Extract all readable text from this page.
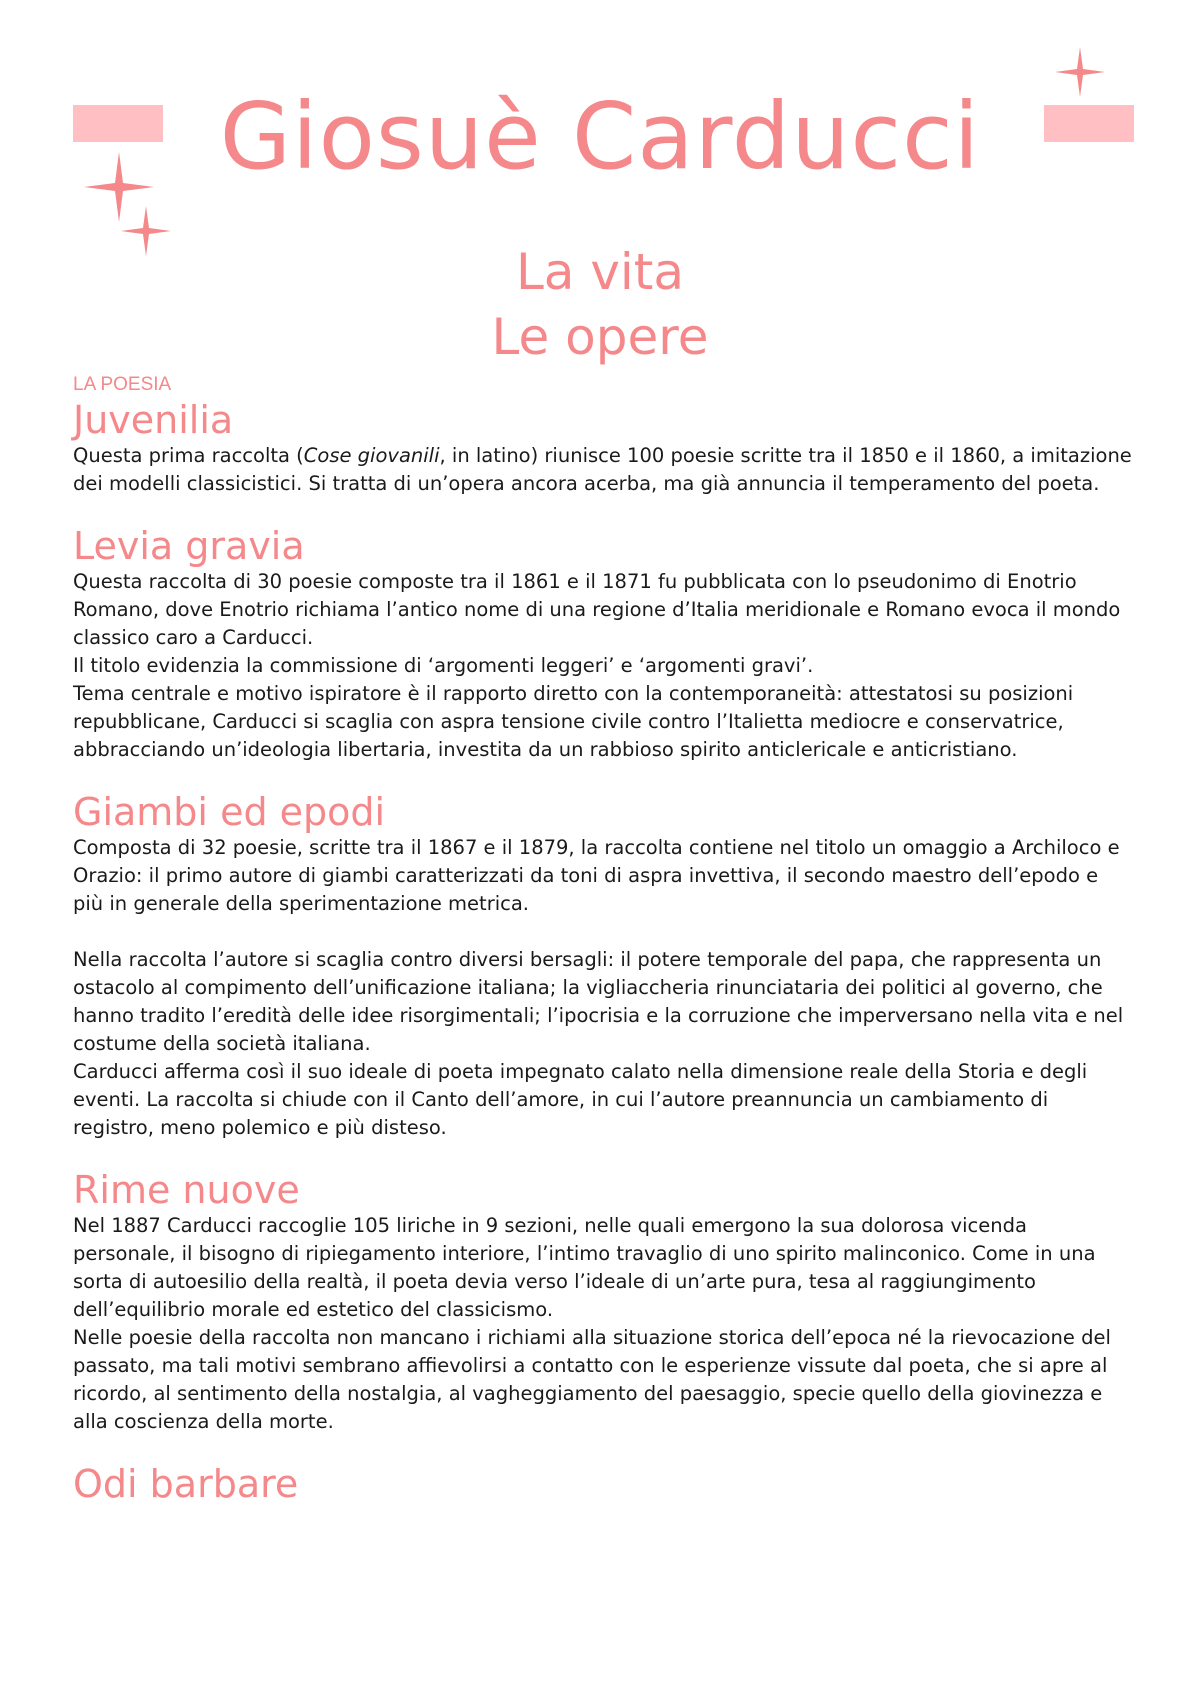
Giosuè Carducci
La vita
Le opere

LA POESIA

Juvenilia

Questa prima raccolta (Cose giovanili, in latino) riunisce 100 poesie scritte tra il 1850 e il 1860, a imitazione dei modelli classicistici. Si tratta di un’opera ancora acerba, ma già annuncia il temperamento del poeta.

Levia gravia

Questa raccolta di 30 poesie composte tra il 1861 e il 1871 fu pubblicata con lo pseudonimo di Enotrio Romano, dove Enotrio richiama l’antico nome di una regione d’Italia meridionale e Romano evoca il mondo classico caro a Carducci.

Il titolo evidenzia la commissione di ‘argomenti leggeri’ e ‘argomenti gravi’.

Tema centrale e motivo ispiratore è il rapporto diretto con la contemporaneità: attestatosi su posizioni repubblicane, Carducci si scaglia con aspra tensione civile contro l’Italietta mediocre e conservatrice, abbracciando un’ideologia libertaria, investita da un rabbioso spirito anticlericale e anticristiano.

Giambi ed epodi

Composta di 32 poesie, scritte tra il 1867 e il 1879, la raccolta contiene nel titolo un omaggio a Archiloco e Orazio: il primo autore di giambi caratterizzati da toni di aspra invettiva, il secondo maestro dell’epodo e più in generale della sperimentazione metrica.

Nella raccolta l’autore si scaglia contro diversi bersagli: il potere temporale del papa, che rappresenta un ostacolo al compimento dell’unificazione italiana; la vigliaccheria rinunciataria dei politici al governo, che hanno tradito l’eredità delle idee risorgimentali; l’ipocrisia e la corruzione che imperversano nella vita e nel costume della società italiana.

Carducci afferma così il suo ideale di poeta impegnato calato nella dimensione reale della Storia e degli eventi. La raccolta si chiude con il Canto dell’amore, in cui l’autore preannuncia un cambiamento di registro, meno polemico e più disteso.

Rime nuove

Nel 1887 Carducci raccoglie 105 liriche in 9 sezioni, nelle quali emergono la sua dolorosa vicenda personale, il bisogno di ripiegamento interiore, l’intimo travaglio di uno spirito malinconico. Come in una sorta di autoesilio della realtà, il poeta devia verso l’ideale di un’arte pura, tesa al raggiungimento dell’equilibrio morale ed estetico del classicismo.

Nelle poesie della raccolta non mancano i richiami alla situazione storica dell’epoca né la rievocazione del passato, ma tali motivi sembrano affievolirsi a contatto con le esperienze vissute dal poeta, che si apre al ricordo, al sentimento della nostalgia, al vagheggiamento del paesaggio, specie quello della giovinezza e alla coscienza della morte.

Odi barbare
